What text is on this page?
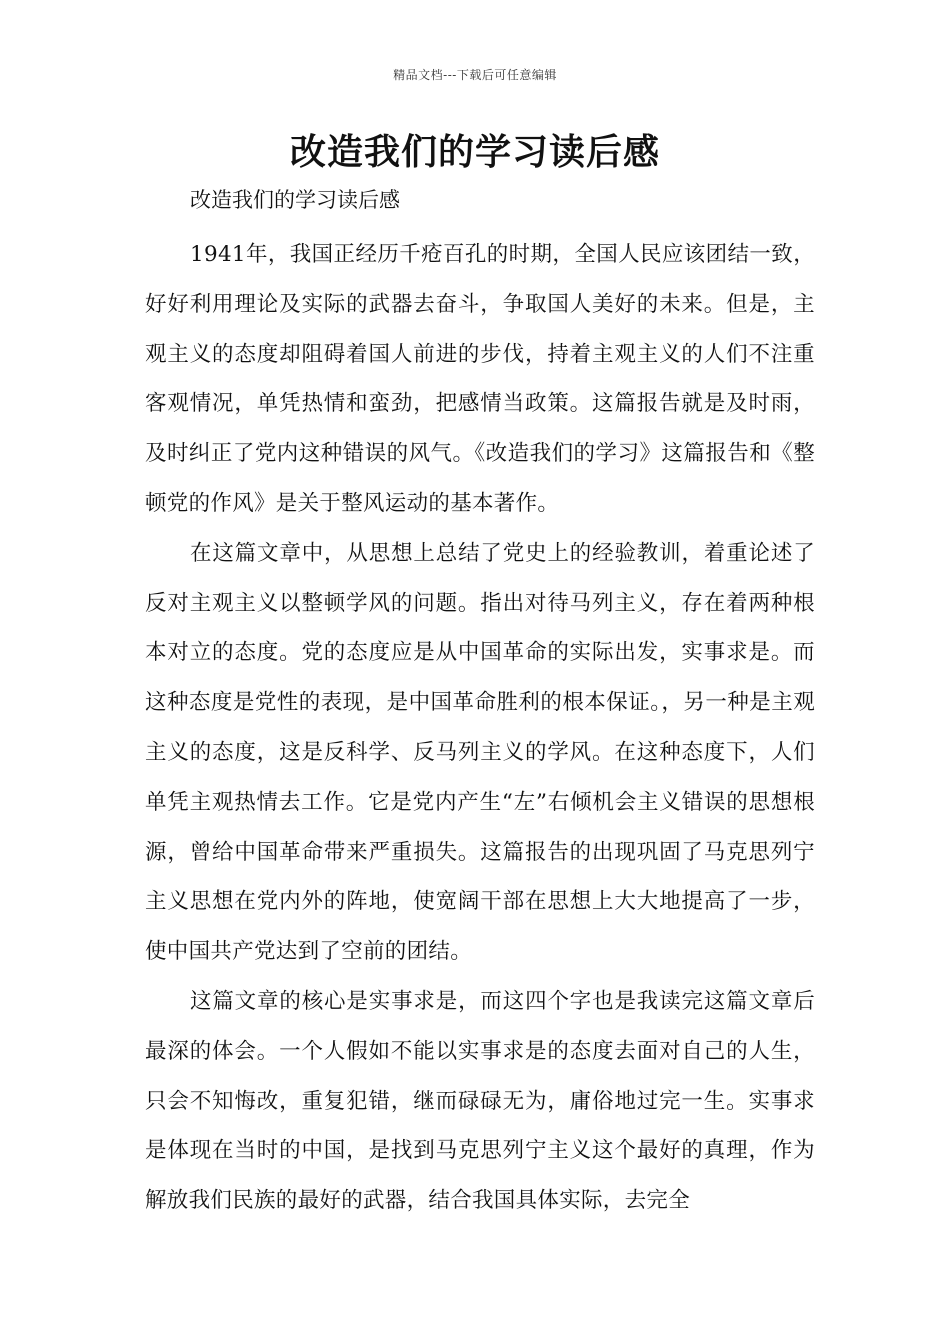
精品文档---下载后可任意编辑
改造我们的学习读后感

改造我们的学习读后感

1941年，我国正经历千疮百孔的时期，全国人民应该团结一致，好好利用理论及实际的武器去奋斗，争取国人美好的未来。但是，主观主义的态度却阻碍着国人前进的步伐，持着主观主义的人们不注重客观情况，单凭热情和蛮劲，把感情当政策。这篇报告就是及时雨，及时纠正了党内这种错误的风气。《改造我们的学习》这篇报告和《整顿党的作风》是关于整风运动的基本著作。

在这篇文章中，从思想上总结了党史上的经验教训，着重论述了反对主观主义以整顿学风的问题。指出对待马列主义，存在着两种根本对立的态度。党的态度应是从中国革命的实际出发，实事求是。而这种态度是党性的表现，是中国革命胜利的根本保证。，另一种是主观主义的态度，这是反科学、反马列主义的学风。在这种态度下，人们单凭主观热情去工作。它是党内产生“左”右倾机会主义错误的思想根源，曾给中国革命带来严重损失。这篇报告的出现巩固了马克思列宁主义思想在党内外的阵地，使宽阔干部在思想上大大地提高了一步，使中国共产党达到了空前的团结。

这篇文章的核心是实事求是，而这四个字也是我读完这篇文章后最深的体会。一个人假如不能以实事求是的态度去面对自己的人生，只会不知悔改，重复犯错，继而碌碌无为，庸俗地过完一生。实事求是体现在当时的中国，是找到马克思列宁主义这个最好的真理，作为解放我们民族的最好的武器，结合我国具体实际，去完全
